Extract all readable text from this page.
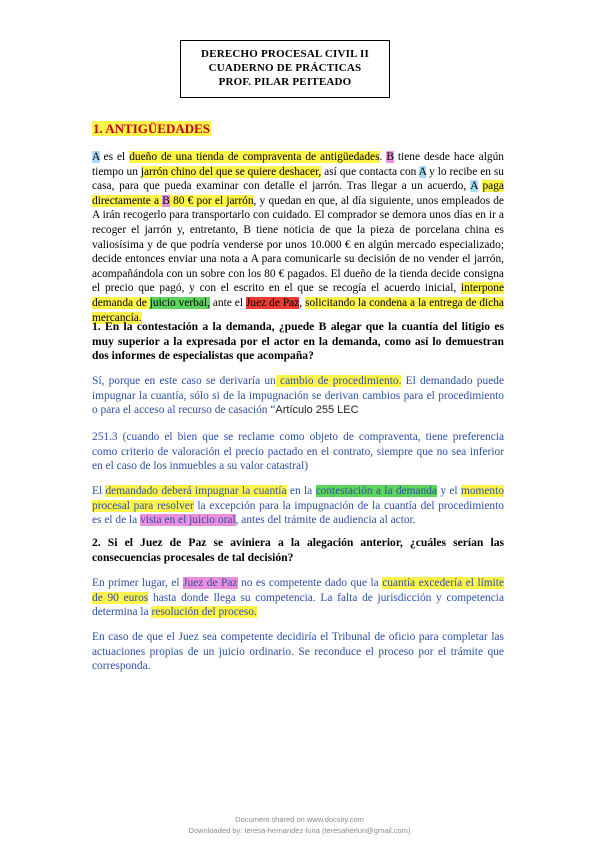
DERECHO PROCESAL CIVIL II
CUADERNO DE PRÁCTICAS
PROF. PILAR PEITEADO
1. ANTIGÜEDADES
A es el dueño de una tienda de compraventa de antigüedades. B tiene desde hace algún tiempo un jarrón chino del que se quiere deshacer, así que contacta con A y lo recibe en su casa, para que pueda examinar con detalle el jarrón. Tras llegar a un acuerdo, A paga directamente a B 80 € por el jarrón, y quedan en que, al día siguiente, unos empleados de A irán recogerlo para transportarlo con cuidado. El comprador se demora unos días en ir a recoger el jarrón y, entretanto, B tiene noticia de que la pieza de porcelana china es valiosísima y de que podría venderse por unos 10.000 € en algún mercado especializado; decide entonces enviar una nota a A para comunicarle su decisión de no vender el jarrón, acompañándola con un sobre con los 80 € pagados. El dueño de la tienda decide consigna el precio que pagó, y con el escrito en el que se recogía el acuerdo inicial, interpone demanda de juicio verbal, ante el Juez de Paz, solicitando la condena a la entrega de dicha mercancía.
1. En la contestación a la demanda, ¿puede B alegar que la cuantía del litigio es muy superior a la expresada por el actor en la demanda, como así lo demuestran dos informes de especialistas que acompaña?
Sí, porque en este caso se derivaría un cambio de procedimiento. El demandado puede impugnar la cuantía, sólo si de la impugnación se derivan cambios para el procedimiento o para el acceso al recurso de casación “Artículo 255 LEC
251.3 (cuando el bien que se reclame como objeto de compraventa, tiene preferencia como criterio de valoración el precio pactado en el contrato, siempre que no sea inferior en el caso de los inmuebles a su valor catastral)
El demandado deberá impugnar la cuantía en la contestación a la demanda y el momento procesal para resolver la excepción para la impugnación de la cuantía del procedimiento es el de la vista en el juicio oral, antes del trámite de audiencia al actor.
2. Si el Juez de Paz se aviniera a la alegación anterior, ¿cuáles serían las consecuencias procesales de tal decisión?
En primer lugar, el Juez de Paz no es competente dado que la cuantía excedería el límite de 90 euros hasta donde llega su competencia. La falta de jurisdicción y competencia determina la resolución del proceso.
En caso de que el Juez sea competente decidiría el Tribunal de oficio para completar las actuaciones propias de un juicio ordinario. Se reconduce el proceso por el trámite que corresponda.
Document shared on www.docsity.com
Downloaded by: teresa-hernandez-luna (teresaherlun@gmail.com)
